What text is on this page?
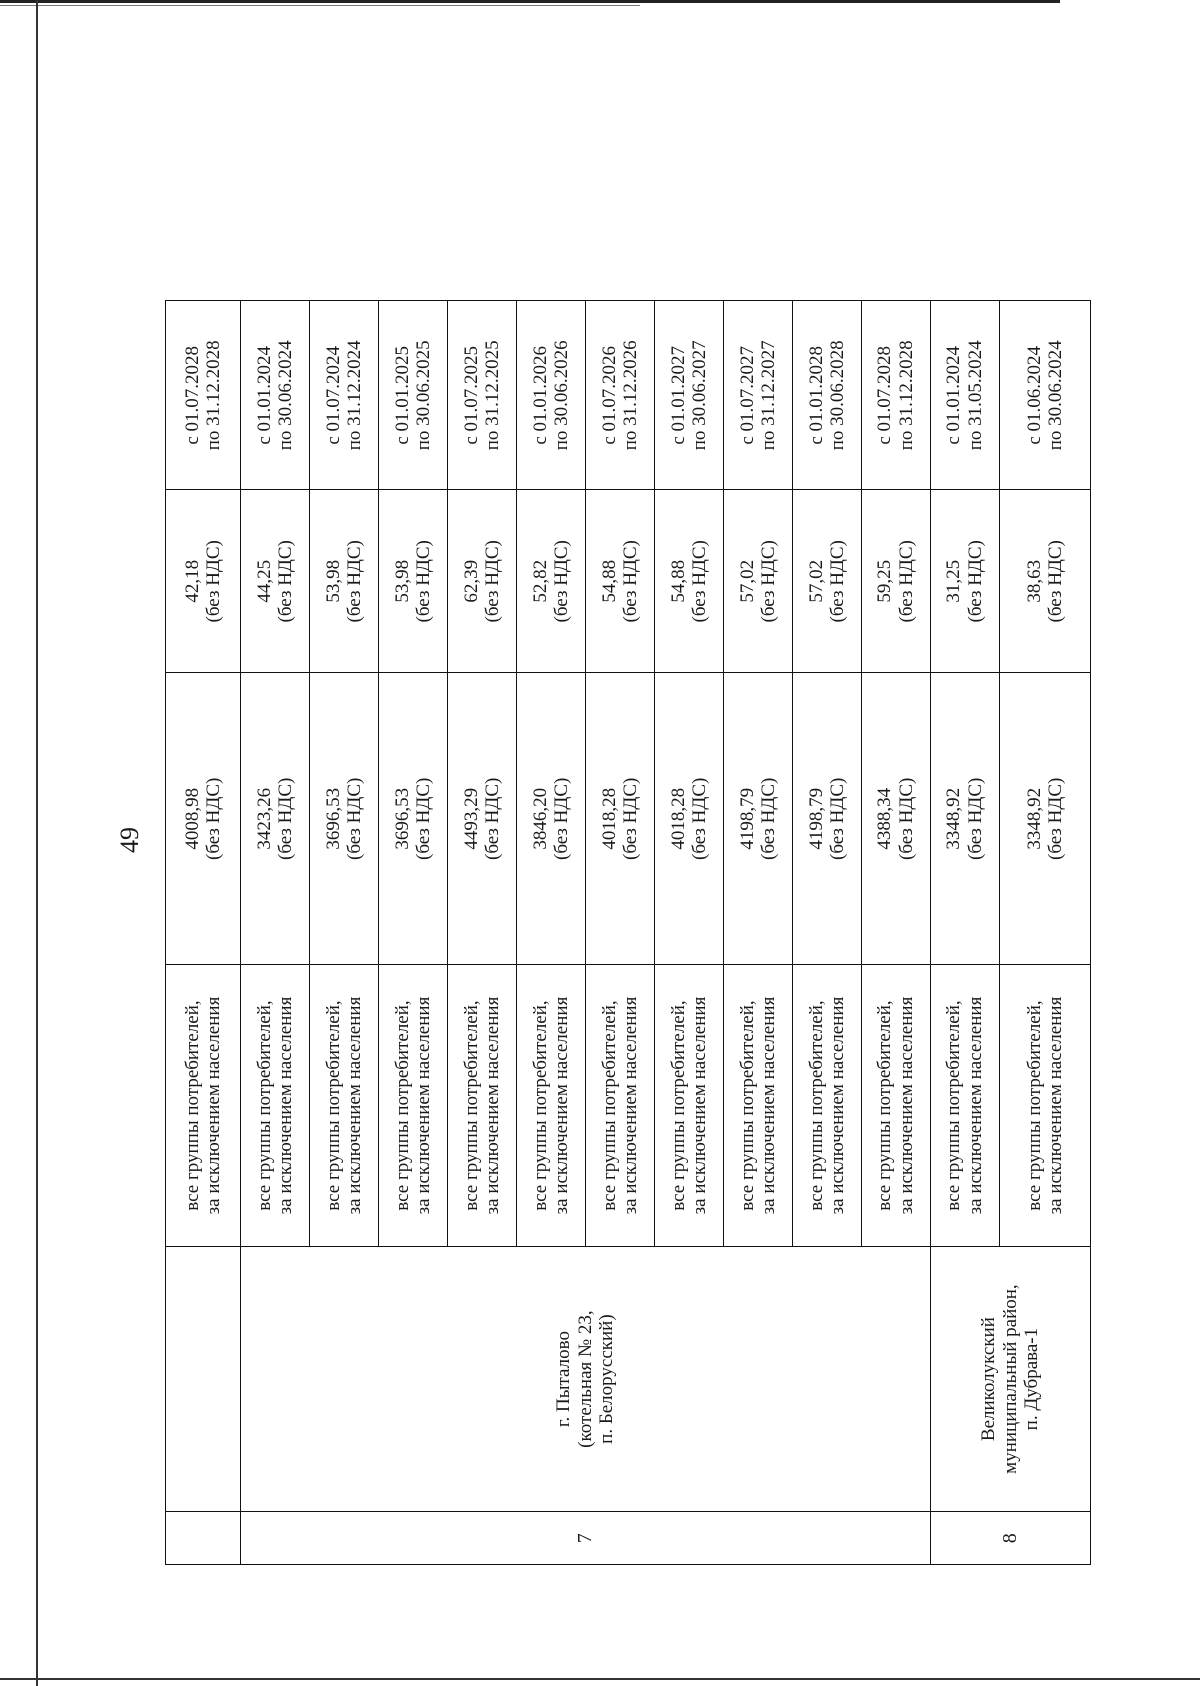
49

		все группы потребителей, за исключением населения	4008,98 (без НДС)	42,18 (без НДС)	с 01.07.2028 по 31.12.2028

7	г. Пыталово (котельная № 23, п. Белорусский)	все группы потребителей, за исключением населения	3423,26 (без НДС)	44,25 (без НДС)	с 01.01.2024 по 30.06.2024

		все группы потребителей, за исключением населения	3696,53 (без НДС)	53,98 (без НДС)	с 01.07.2024 по 31.12.2024

		все группы потребителей, за исключением населения	3696,53 (без НДС)	53,98 (без НДС)	с 01.01.2025 по 30.06.2025

		все группы потребителей, за исключением населения	4493,29 (без НДС)	62,39 (без НДС)	с 01.07.2025 по 31.12.2025

		все группы потребителей, за исключением населения	3846,20 (без НДС)	52,82 (без НДС)	с 01.01.2026 по 30.06.2026

		все группы потребителей, за исключением населения	4018,28 (без НДС)	54,88 (без НДС)	с 01.07.2026 по 31.12.2026

		все группы потребителей, за исключением населения	4018,28 (без НДС)	54,88 (без НДС)	с 01.01.2027 по 30.06.2027

		все группы потребителей, за исключением населения	4198,79 (без НДС)	57,02 (без НДС)	с 01.07.2027 по 31.12.2027

		все группы потребителей, за исключением населения	4198,79 (без НДС)	57,02 (без НДС)	с 01.01.2028 по 30.06.2028

		все группы потребителей, за исключением населения	4388,34 (без НДС)	59,25 (без НДС)	с 01.07.2028 по 31.12.2028

8	Великолукский муниципальный район, п. Дубрава-1	все группы потребителей, за исключением населения	3348,92 (без НДС)	31,25 (без НДС)	с 01.01.2024 по 31.05.2024

		все группы потребителей, за исключением населения	3348,92 (без НДС)	38,63 (без НДС)	с 01.06.2024 по 30.06.2024
